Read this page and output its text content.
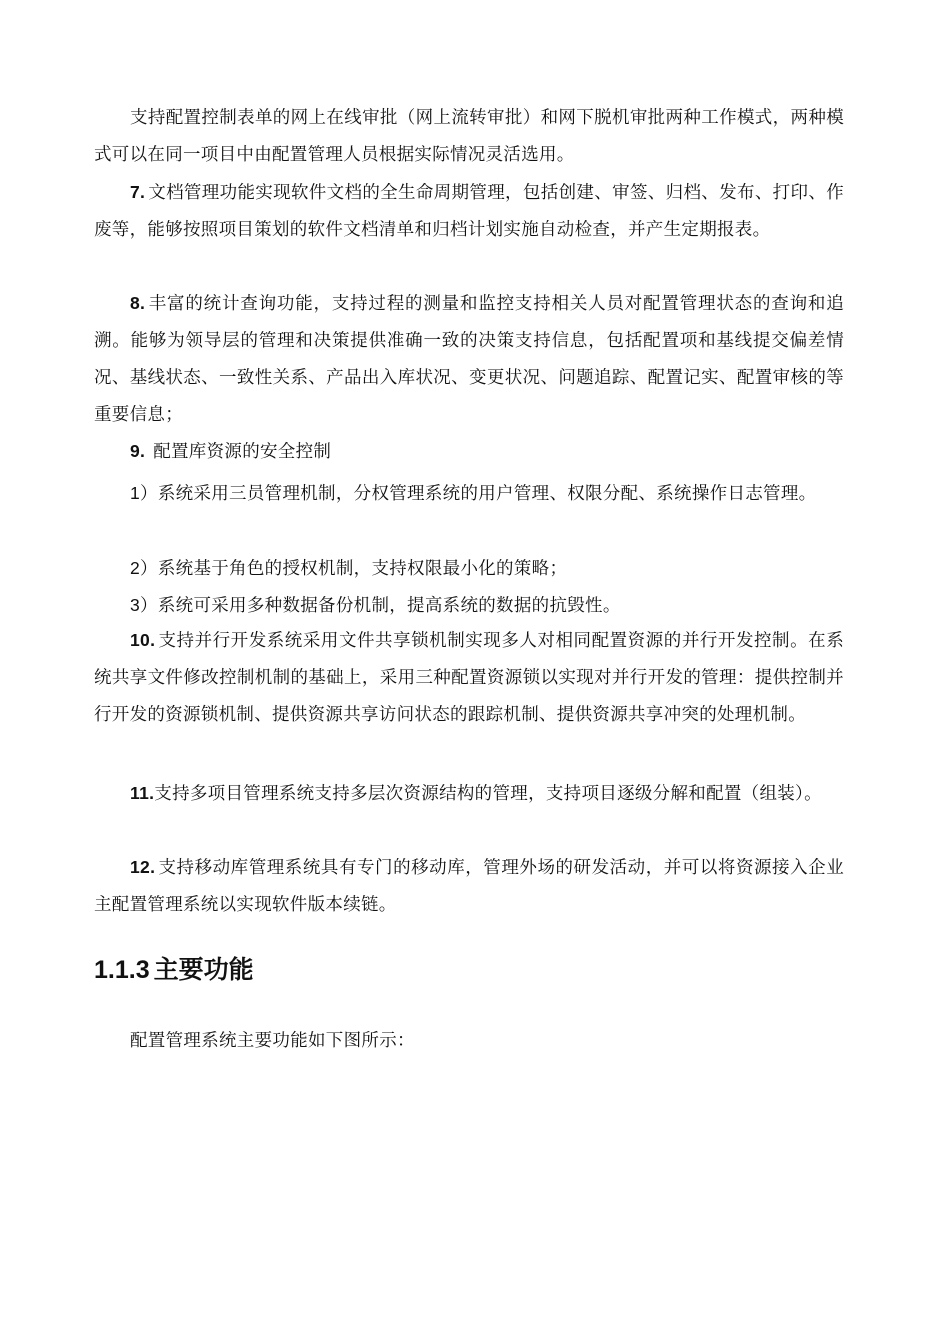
支持配置控制表单的网上在线审批（网上流转审批）和网下脱机审批两种工作模式，两种模式可以在同一项目中由配置管理人员根据实际情况灵活选用。

7. 文档管理功能实现软件文档的全生命周期管理，包括创建、审签、归档、发布、打印、作废等，能够按照项目策划的软件文档清单和归档计划实施自动检查，并产生定期报表。

8. 丰富的统计查询功能，支持过程的测量和监控支持相关人员对配置管理状态的查询和追溯。能够为领导层的管理和决策提供准确一致的决策支持信息，包括配置项和基线提交偏差情况、基线状态、一致性关系、产品出入库状况、变更状况、问题追踪、配置记实、配置审核的等重要信息；

9. 配置库资源的安全控制

1）系统采用三员管理机制，分权管理系统的用户管理、权限分配、系统操作日志管理。

2）系统基于角色的授权机制，支持权限最小化的策略；

3）系统可采用多种数据备份机制，提高系统的数据的抗毁性。

10. 支持并行开发系统采用文件共享锁机制实现多人对相同配置资源的并行开发控制。在系统共享文件修改控制机制的基础上，采用三种配置资源锁以实现对并行开发的管理：提供控制并行开发的资源锁机制、提供资源共享访问状态的跟踪机制、提供资源共享冲突的处理机制。

11.支持多项目管理系统支持多层次资源结构的管理，支持项目逐级分解和配置（组装）。

12. 支持移动库管理系统具有专门的移动库，管理外场的研发活动，并可以将资源接入企业主配置管理系统以实现软件版本续链。

1.1.3 主要功能

配置管理系统主要功能如下图所示：
